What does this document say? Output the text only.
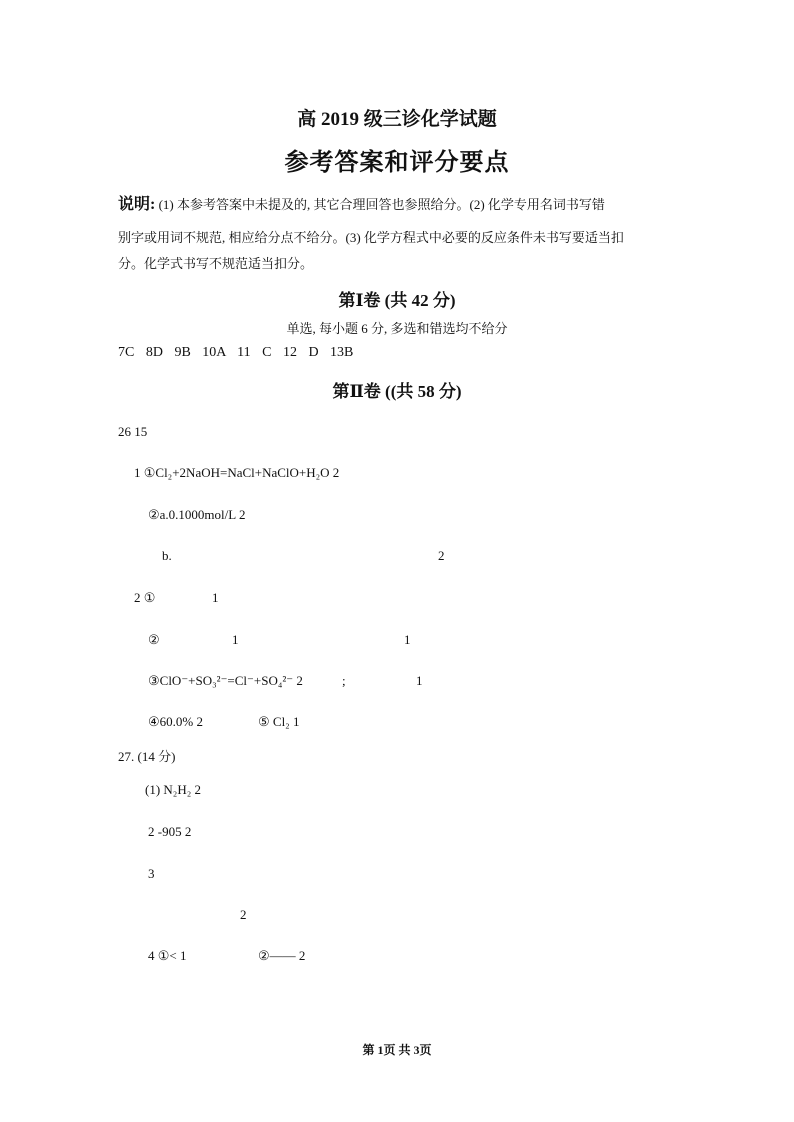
高 2019 级三诊化学试题
参考答案和评分要点
说明: (1) 本参考答案中未提及的, 其它合理回答也参照给分。(2) 化学专用名词书写错
别字或用词不规范, 相应给分点不给分。(3) 化学方程式中必要的反应条件未书写要适当扣
分。化学式书写不规范适当扣分。
第Ⅰ卷 (共 42 分)
单选, 每小题 6 分, 多选和错选均不给分
7C 8D 9B 10A 11 C 12 D 13B
第Ⅱ卷 ((共 58 分)
26 15
1 ①Cl₂+2NaOH=NaCl+NaClO+H₂O 2
②a.0.1000mol/L 2
b.	2
2 ①	1
②	1	1
③ClO⁻+SO₃²⁻=Cl⁻+SO₄²⁻ 2	;	1
④60.0% 2	⑤ Cl₂ 1
27. (14 分)
(1) N₂H₂ 2
2 -905 2
3
2
4 ①< 1	②—— 2
第 1页 共 3页
